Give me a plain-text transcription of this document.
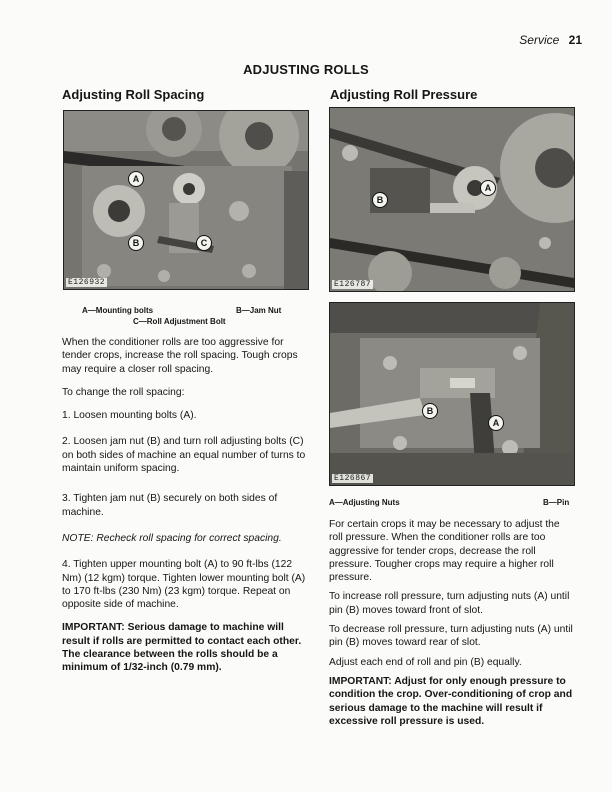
Service 21
ADJUSTING ROLLS
Adjusting Roll Spacing	Adjusting Roll Pressure
A
B	C
E126932
A—Mounting bolts	B—Jam Nut
C—Roll Adjustment Bolt

When the conditioner rolls are too aggressive for tender crops, increase the roll spacing. Tough crops may require a closer roll spacing.

To change the roll spacing:

1. Loosen mounting bolts (A).

2. Loosen jam nut (B) and turn roll adjusting bolts (C) on both sides of machine an equal number of turns to maintain uniform spacing.

3. Tighten jam nut (B) securely on both sides of machine.

NOTE: Recheck roll spacing for correct spacing.

4. Tighten upper mounting bolt (A) to 90 ft-lbs (122 Nm) (12 kgm) torque. Tighten lower mounting bolt (A) to 170 ft-lbs (230 Nm) (23 kgm) torque. Repeat on opposite side of machine.

IMPORTANT: Serious damage to machine will result if rolls are permitted to contact each other. The clearance between the rolls should be a minimum of 1/32-inch (0.79 mm).

A
B
E126787
A
B
E126867
A—Adjusting Nuts	B—Pin

For certain crops it may be necessary to adjust the roll pressure. When the conditioner rolls are too aggressive for tender crops, decrease the roll pressure. Tougher crops may require a higher roll pressure.

To increase roll pressure, turn adjusting nuts (A) until pin (B) moves toward front of slot.

To decrease roll pressure, turn adjusting nuts (A) until pin (B) moves toward rear of slot.

Adjust each end of roll and pin (B) equally.

IMPORTANT: Adjust for only enough pressure to condition the crop. Over-conditioning of crop and serious damage to the machine will result if excessive roll pressure is used.
